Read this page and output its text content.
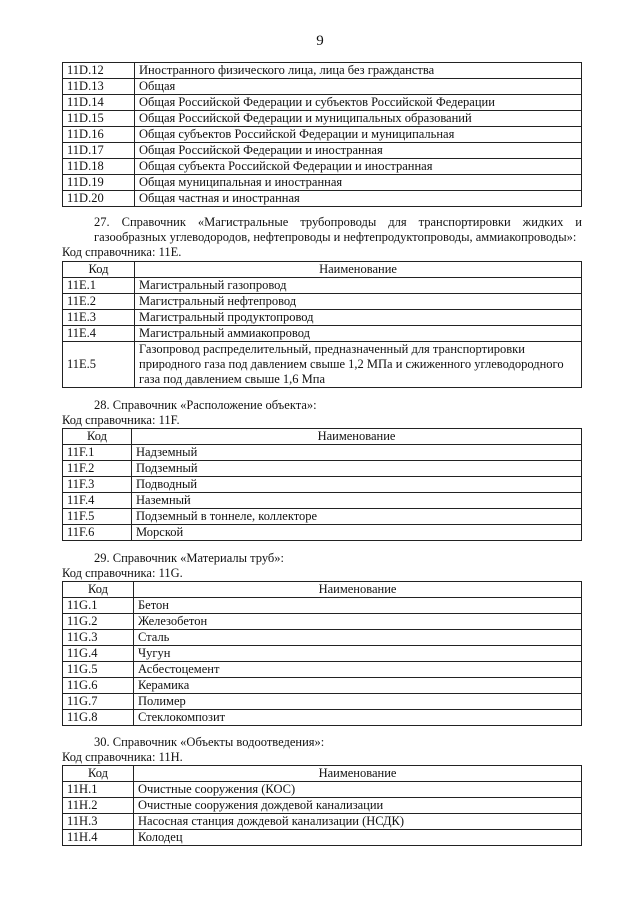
9
11D.12	Иностранного физического лица, лица без гражданства
11D.13	Общая
11D.14	Общая Российской Федерации и субъектов Российской Федерации
11D.15	Общая Российской Федерации и муниципальных образований
11D.16	Общая субъектов Российской Федерации и муниципальная
11D.17	Общая Российской Федерации и иностранная
11D.18	Общая субъекта Российской Федерации и иностранная
11D.19	Общая муниципальная и иностранная
11D.20	Общая частная и иностранная
27. Справочник «Магистральные трубопроводы для транспортировки жидких и газообразных углеводородов, нефтепроводы и нефтепродуктопроводы, аммиакопроводы»:
Код справочника: 11E.
Код	Наименование
11E.1	Магистральный газопровод
11E.2	Магистральный нефтепровод
11E.3	Магистральный продуктопровод
11E.4	Магистральный аммиакопровод
11E.5	Газопровод распределительный, предназначенный для транспортировки природного газа под давлением свыше 1,2 МПа и сжиженного углеводородного газа под давлением свыше 1,6 Мпа
28. Справочник «Расположение объекта»:
Код справочника: 11F.
Код	Наименование
11F.1	Надземный
11F.2	Подземный
11F.3	Подводный
11F.4	Наземный
11F.5	Подземный в тоннеле, коллекторе
11F.6	Морской
29. Справочник «Материалы труб»:
Код справочника: 11G.
Код	Наименование
11G.1	Бетон
11G.2	Железобетон
11G.3	Сталь
11G.4	Чугун
11G.5	Асбестоцемент
11G.6	Керамика
11G.7	Полимер
11G.8	Стеклокомпозит
30. Справочник «Объекты водоотведения»:
Код справочника: 11H.
Код	Наименование
11H.1	Очистные сооружения (КОС)
11H.2	Очистные сооружения дождевой канализации
11H.3	Насосная станция дождевой канализации (НСДК)
11H.4	Колодец
